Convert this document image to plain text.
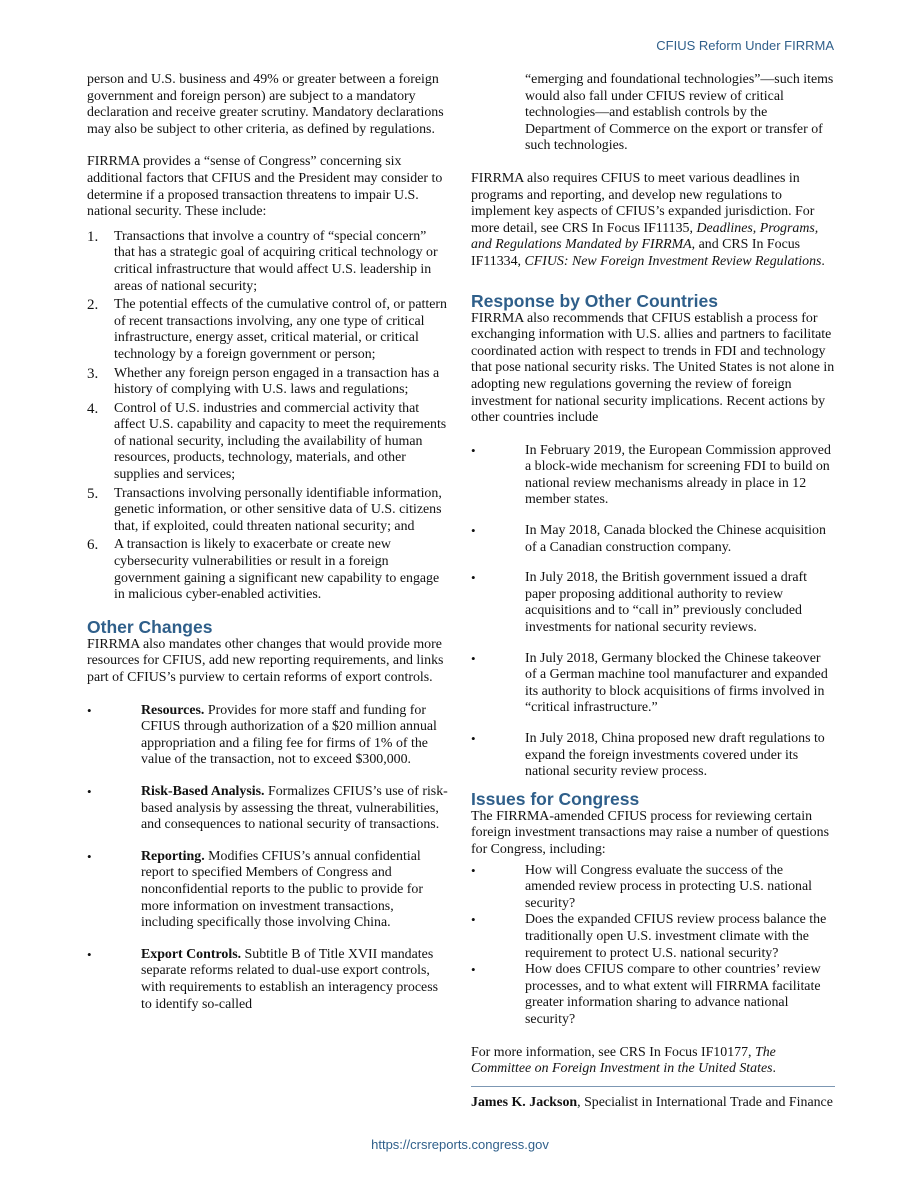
CFIUS Reform Under FIRRMA

person and U.S. business and 49% or greater between a foreign government and foreign person) are subject to a mandatory declaration and receive greater scrutiny. Mandatory declarations may also be subject to other criteria, as defined by regulations.

FIRRMA provides a “sense of Congress” concerning six additional factors that CFIUS and the President may consider to determine if a proposed transaction threatens to impair U.S. national security. These include:

1. Transactions that involve a country of “special concern” that has a strategic goal of acquiring critical technology or critical infrastructure that would affect U.S. leadership in areas of national security;
2. The potential effects of the cumulative control of, or pattern of recent transactions involving, any one type of critical infrastructure, energy asset, critical material, or critical technology by a foreign government or person;
3. Whether any foreign person engaged in a transaction has a history of complying with U.S. laws and regulations;
4. Control of U.S. industries and commercial activity that affect U.S. capability and capacity to meet the requirements of national security, including the availability of human resources, products, technology, materials, and other supplies and services;
5. Transactions involving personally identifiable information, genetic information, or other sensitive data of U.S. citizens that, if exploited, could threaten national security; and
6. A transaction is likely to exacerbate or create new cybersecurity vulnerabilities or result in a foreign government gaining a significant new capability to engage in malicious cyber-enabled activities.
Other Changes

FIRRMA also mandates other changes that would provide more resources for CFIUS, add new reporting requirements, and links part of CFIUS’s purview to certain reforms of export controls.

•	Resources. Provides for more staff and funding for CFIUS through authorization of a $20 million annual appropriation and a filing fee for firms of 1% of the value of the transaction, not to exceed $300,000.
•	Risk-Based Analysis. Formalizes CFIUS’s use of risk-based analysis by assessing the threat, vulnerabilities, and consequences to national security of transactions.
•	Reporting. Modifies CFIUS’s annual confidential report to specified Members of Congress and nonconfidential reports to the public to provide for more information on investment transactions, including specifically those involving China.
•	Export Controls. Subtitle B of Title XVII mandates separate reforms related to dual-use export controls, with requirements to establish an interagency process to identify so-called

“emerging and foundational technologies”—such items would also fall under CFIUS review of critical technologies—and establish controls by the Department of Commerce on the export or transfer of such technologies.

FIRRMA also requires CFIUS to meet various deadlines in programs and reporting, and develop new regulations to implement key aspects of CFIUS’s expanded jurisdiction. For more detail, see CRS In Focus IF11135, Deadlines, Programs, and Regulations Mandated by FIRRMA, and CRS In Focus IF11334, CFIUS: New Foreign Investment Review Regulations.

Response by Other Countries

FIRRMA also recommends that CFIUS establish a process for exchanging information with U.S. allies and partners to facilitate coordinated action with respect to trends in FDI and technology that pose national security risks. The United States is not alone in adopting new regulations governing the review of foreign investment for national security implications. Recent actions by other countries include

•	In February 2019, the European Commission approved a block-wide mechanism for screening FDI to build on national review mechanisms already in place in 12 member states.
•	In May 2018, Canada blocked the Chinese acquisition of a Canadian construction company.
•	In July 2018, the British government issued a draft paper proposing additional authority to review acquisitions and to “call in” previously concluded investments for national security reviews.
•	In July 2018, Germany blocked the Chinese takeover of a German machine tool manufacturer and expanded its authority to block acquisitions of firms involved in “critical infrastructure.”
•	In July 2018, China proposed new draft regulations to expand the foreign investments covered under its national security review process.
Issues for Congress

The FIRRMA-amended CFIUS process for reviewing certain foreign investment transactions may raise a number of questions for Congress, including:

•	How will Congress evaluate the success of the amended review process in protecting U.S. national security?
•	Does the expanded CFIUS review process balance the traditionally open U.S. investment climate with the requirement to protect U.S. national security?
•	How does CFIUS compare to other countries’ review processes, and to what extent will FIRRMA facilitate greater information sharing to advance national security?

For more information, see CRS In Focus IF10177, The Committee on Foreign Investment in the United States.

James K. Jackson, Specialist in International Trade and Finance

https://crsreports.congress.gov
